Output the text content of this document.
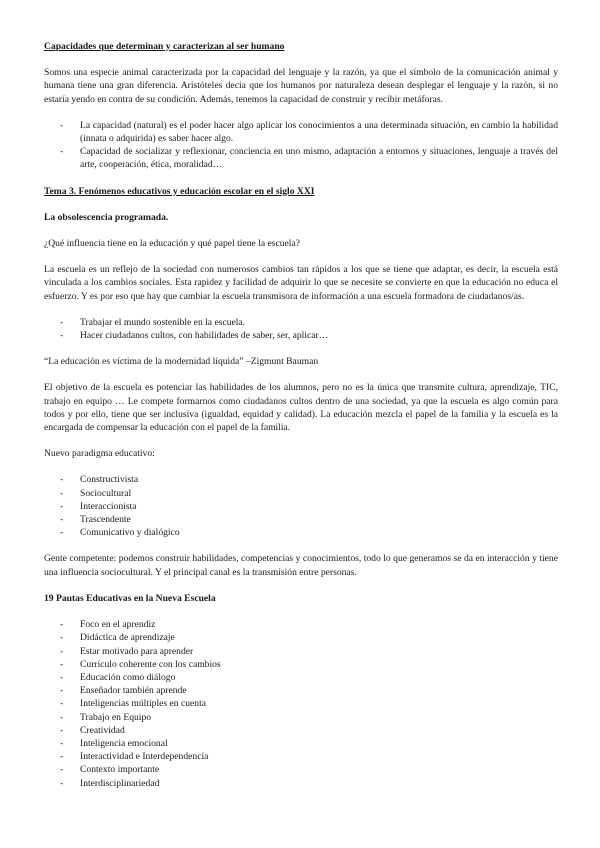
Capacidades que determinan y caracterizan al ser humano

Somos una especie animal caracterizada por la capacidad del lenguaje y la razón, ya que el símbolo de la comunicación animal y humana tiene una gran diferencia. Aristóteles decía que los humanos por naturaleza desean desplegar el lenguaje y la razón, si no estaría yendo en contra de su condición. Además, tenemos la capacidad de construir y recibir metáforas.

- La capacidad (natural) es el poder hacer algo aplicar los conocimientos a una determinada situación, en cambio la habilidad (innata o adquirida) es saber hacer algo.
- Capacidad de socializar y reflexionar, conciencia en uno mismo, adaptación a entornos y situaciones, lenguaje a través del arte, cooperación, ética, moralidad…
Tema 3. Fenómenos educativos y educación escolar en el siglo XXI
La obsolescencia programada.

¿Qué influencia tiene en la educación y qué papel tiene la escuela?

La escuela es un reflejo de la sociedad con numerosos cambios tan rápidos a los que se tiene que adaptar, es decir, la escuela está vinculada a los cambios sociales. Esta rapidez y facilidad de adquirir lo que se necesite se convierte en que la educación no educa el esfuerzo. Y es por eso que hay que cambiar la escuela transmisora de información a una escuela formadora de ciudadanos/as.

- Trabajar el mundo sostenible en la escuela.
- Hacer ciudadanos cultos, con habilidades de saber, ser, aplicar…

“La educación es víctima de la modernidad líquida” –Zigmunt Bauman

El objetivo de la escuela es potenciar las habilidades de los alumnos, pero no es la única que transmite cultura, aprendizaje, TIC, trabajo en equipo … Le compete formarnos como ciudadanos cultos dentro de una sociedad, ya que la escuela es algo común para todos y por ello, tiene que ser inclusiva (igualdad, equidad y calidad). La educación mezcla el papel de la familia y la escuela es la encargada de compensar la educación con el papel de la familia.

Nuevo paradigma educativo:

- Constructivista
- Sociocultural
- Interaccionista
- Trascendente
- Comunicativo y dialógico

Gente competente: podemos construir habilidades, competencias y conocimientos, todo lo que generamos se da en interacción y tiene una influencia sociocultural. Y el principal canal es la transmisión entre personas.

19 Pautas Educativas en la Nueva Escuela
- Foco en el aprendiz
- Didáctica de aprendizaje
- Estar motivado para aprender
- Currículo coherente con los cambios
- Educación como diálogo
- Enseñador también aprende
- Inteligencias múltiples en cuenta
- Trabajo en Equipo
- Creatividad
- Inteligencia emocional
- Interactividad e Interdependencia
- Contexto importante
- Interdisciplinariedad
